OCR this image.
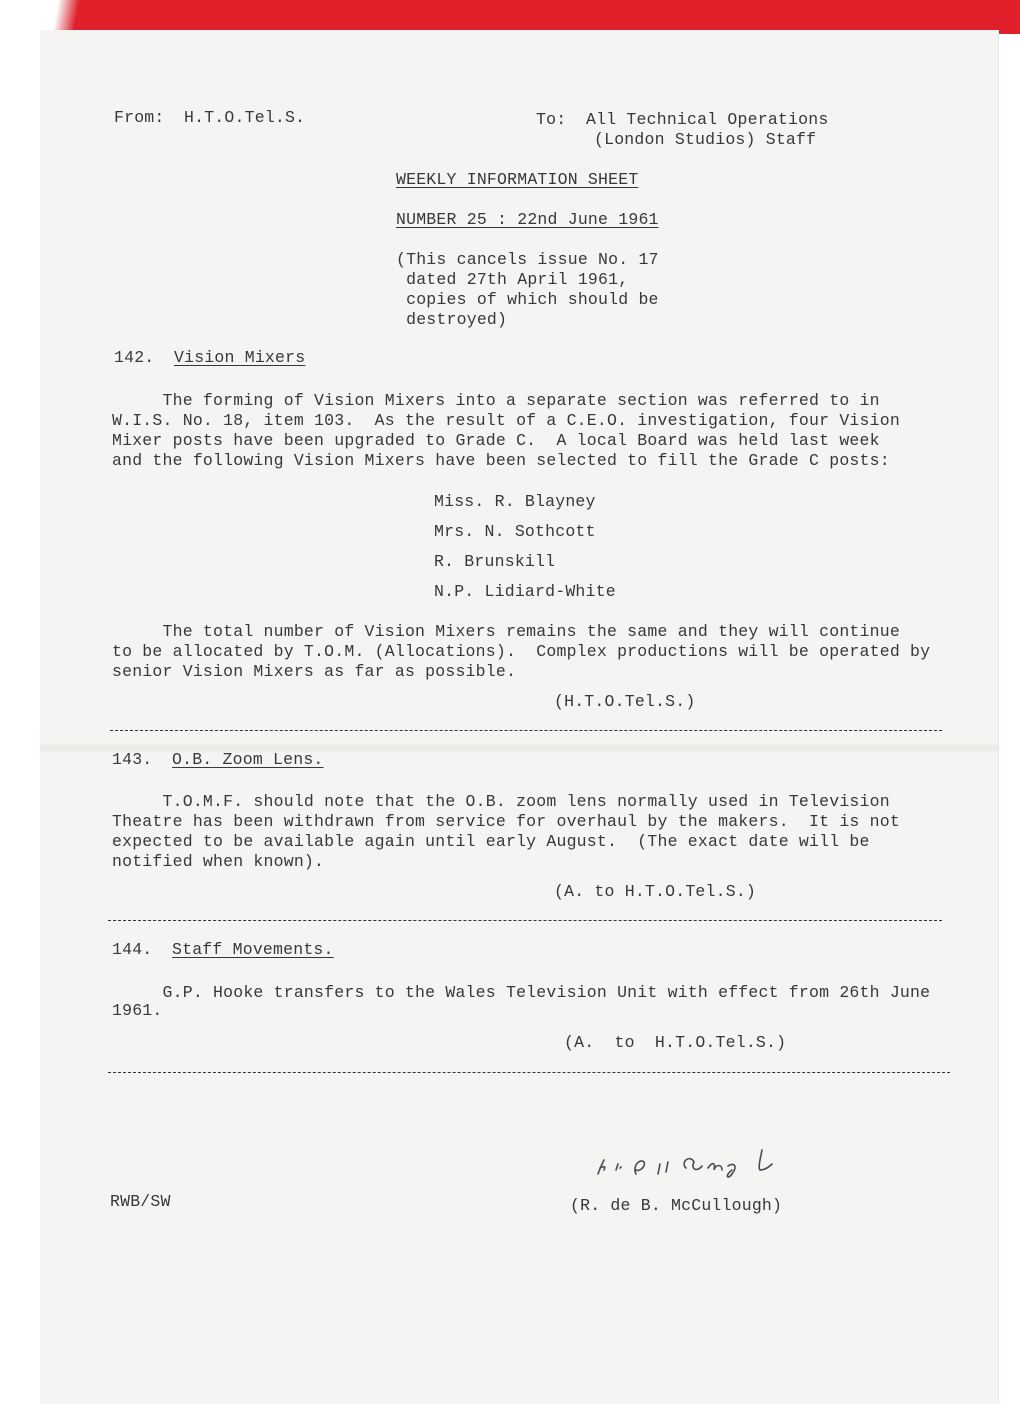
From: H.T.O.Tel.S.	To: All Technical Operations
(London Studios) Staff
WEEKLY INFORMATION SHEET
NUMBER 25 : 22nd June 1961
(This cancels issue No. 17
dated 27th April 1961,
copies of which should be
destroyed)
142. Vision Mixers
The forming of Vision Mixers into a separate section was referred to in
W.I.S. No. 18, item 103.  As the result of a C.E.O. investigation, four Vision
Mixer posts have been upgraded to Grade C.  A local Board was held last week
and the following Vision Mixers have been selected to fill the Grade C posts:
Miss. R. Blayney
Mrs. N. Sothcott
R. Brunskill
N.P. Lidiard-White
The total number of Vision Mixers remains the same and they will continue
to be allocated by T.O.M. (Allocations).  Complex productions will be operated by
senior Vision Mixers as far as possible.
(H.T.O.Tel.S.)
143. O.B. Zoom Lens.
T.O.M.F. should note that the O.B. zoom lens normally used in Television
Theatre has been withdrawn from service for overhaul by the makers.  It is not
expected to be available again until early August.  (The exact date will be
notified when known).
(A. to H.T.O.Tel.S.)
144. Staff Movements.
G.P. Hooke transfers to the Wales Television Unit with effect from 26th June
1961.
(A.  to  H.T.O.Tel.S.)
RWB/SW	(R. de B. McCullough)
